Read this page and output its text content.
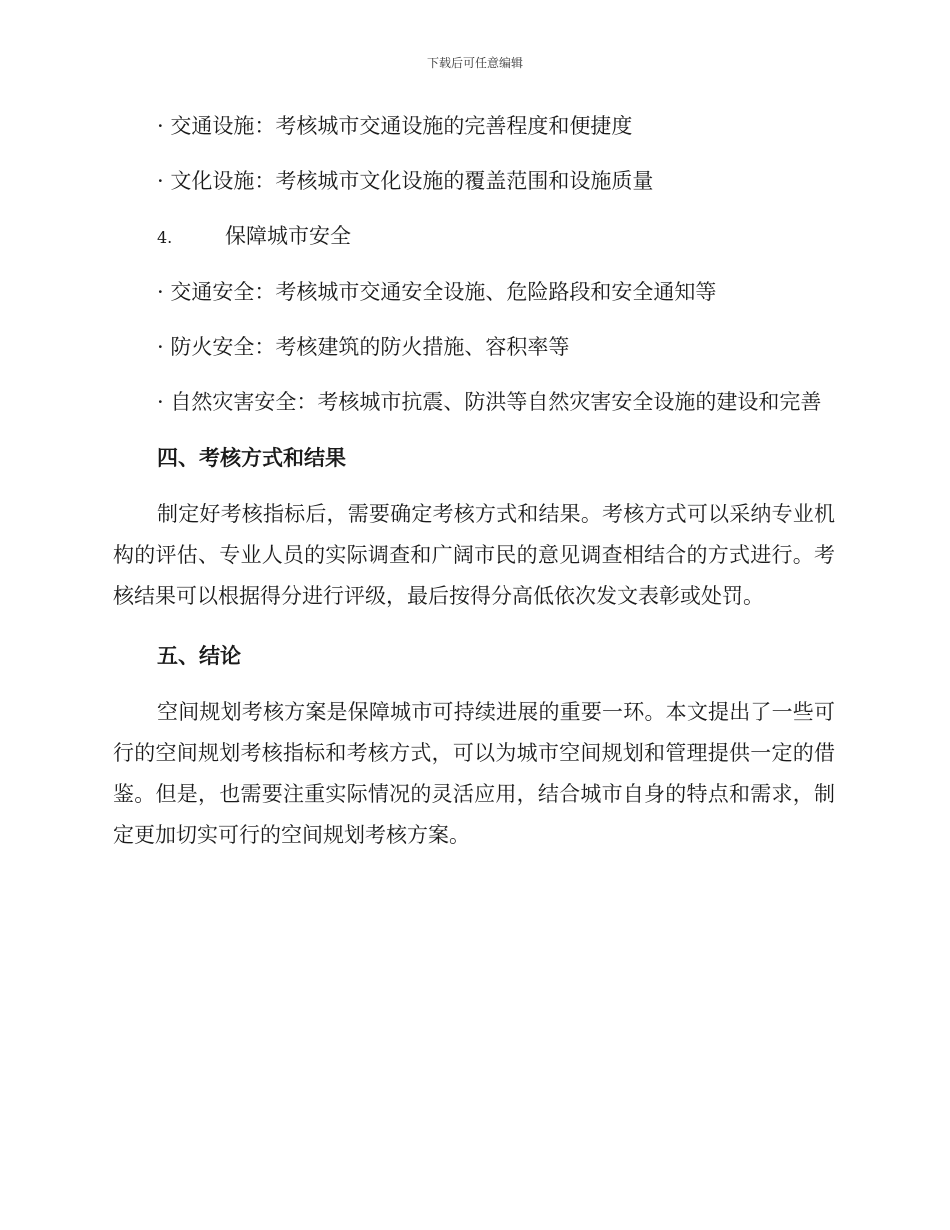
下载后可任意编辑

· 交通设施：考核城市交通设施的完善程度和便捷度

· 文化设施：考核城市文化设施的覆盖范围和设施质量

4.	保障城市安全

· 交通安全：考核城市交通安全设施、危险路段和安全通知等

· 防火安全：考核建筑的防火措施、容积率等

· 自然灾害安全：考核城市抗震、防洪等自然灾害安全设施的建设和完善

四、考核方式和结果

制定好考核指标后，需要确定考核方式和结果。考核方式可以采纳专业机构的评估、专业人员的实际调查和广阔市民的意见调查相结合的方式进行。考核结果可以根据得分进行评级，最后按得分高低依次发文表彰或处罚。

五、结论

空间规划考核方案是保障城市可持续进展的重要一环。本文提出了一些可行的空间规划考核指标和考核方式，可以为城市空间规划和管理提供一定的借鉴。但是，也需要注重实际情况的灵活应用，结合城市自身的特点和需求，制定更加切实可行的空间规划考核方案。
